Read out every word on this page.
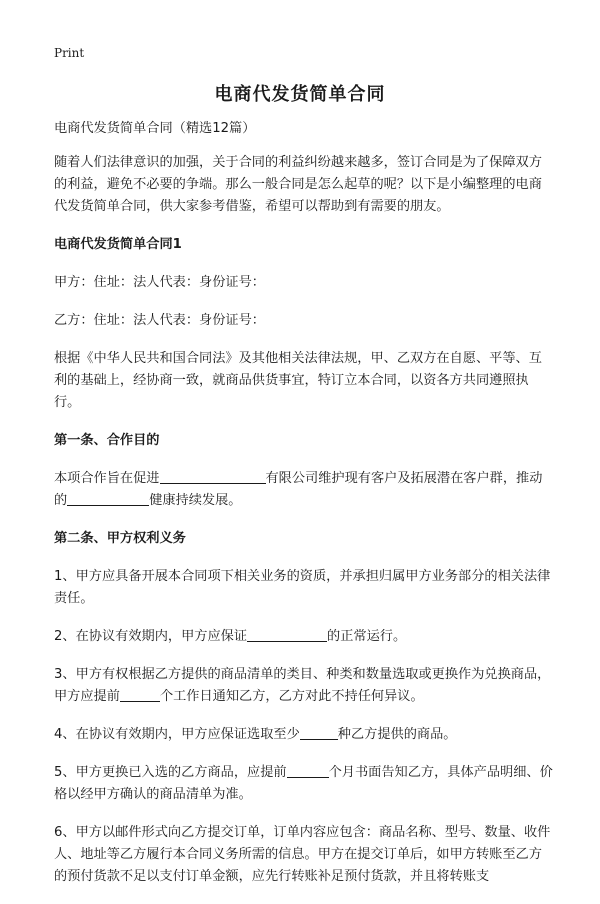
Print
电商代发货简单合同

电商代发货简单合同（精选12篇）

随着人们法律意识的加强，关于合同的利益纠纷越来越多，签订合同是为了保障双方的利益，避免不必要的争端。那么一般合同是怎么起草的呢？以下是小编整理的电商代发货简单合同，供大家参考借鉴，希望可以帮助到有需要的朋友。

电商代发货简单合同1

甲方：住址：法人代表：身份证号：

乙方：住址：法人代表：身份证号：

根据《中华人民共和国合同法》及其他相关法律法规，甲、乙双方在自愿、平等、互利的基础上，经协商一致，就商品供货事宜，特订立本合同，以资各方共同遵照执行。

第一条、合作目的

本项合作旨在促进	有限公司维护现有客户及拓展潜在客户群，推动的	健康持续发展。

第二条、甲方权利义务

1、甲方应具备开展本合同项下相关业务的资质，并承担归属甲方业务部分的相关法律责任。

2、在协议有效期内，甲方应保证	的正常运行。

3、甲方有权根据乙方提供的商品清单的类目、种类和数量选取或更换作为兑换商品，甲方应提前	个工作日通知乙方，乙方对此不持任何异议。

4、在协议有效期内，甲方应保证选取至少	种乙方提供的商品。

5、甲方更换已入选的乙方商品，应提前	个月书面告知乙方，具体产品明细、价格以经甲方确认的商品清单为准。

6、甲方以邮件形式向乙方提交订单，订单内容应包含：商品名称、型号、数量、收件人、地址等乙方履行本合同义务所需的信息。甲方在提交订单后，如甲方转账至乙方的预付货款不足以支付订单金额，应先行转账补足预付货款，并且将转账支
